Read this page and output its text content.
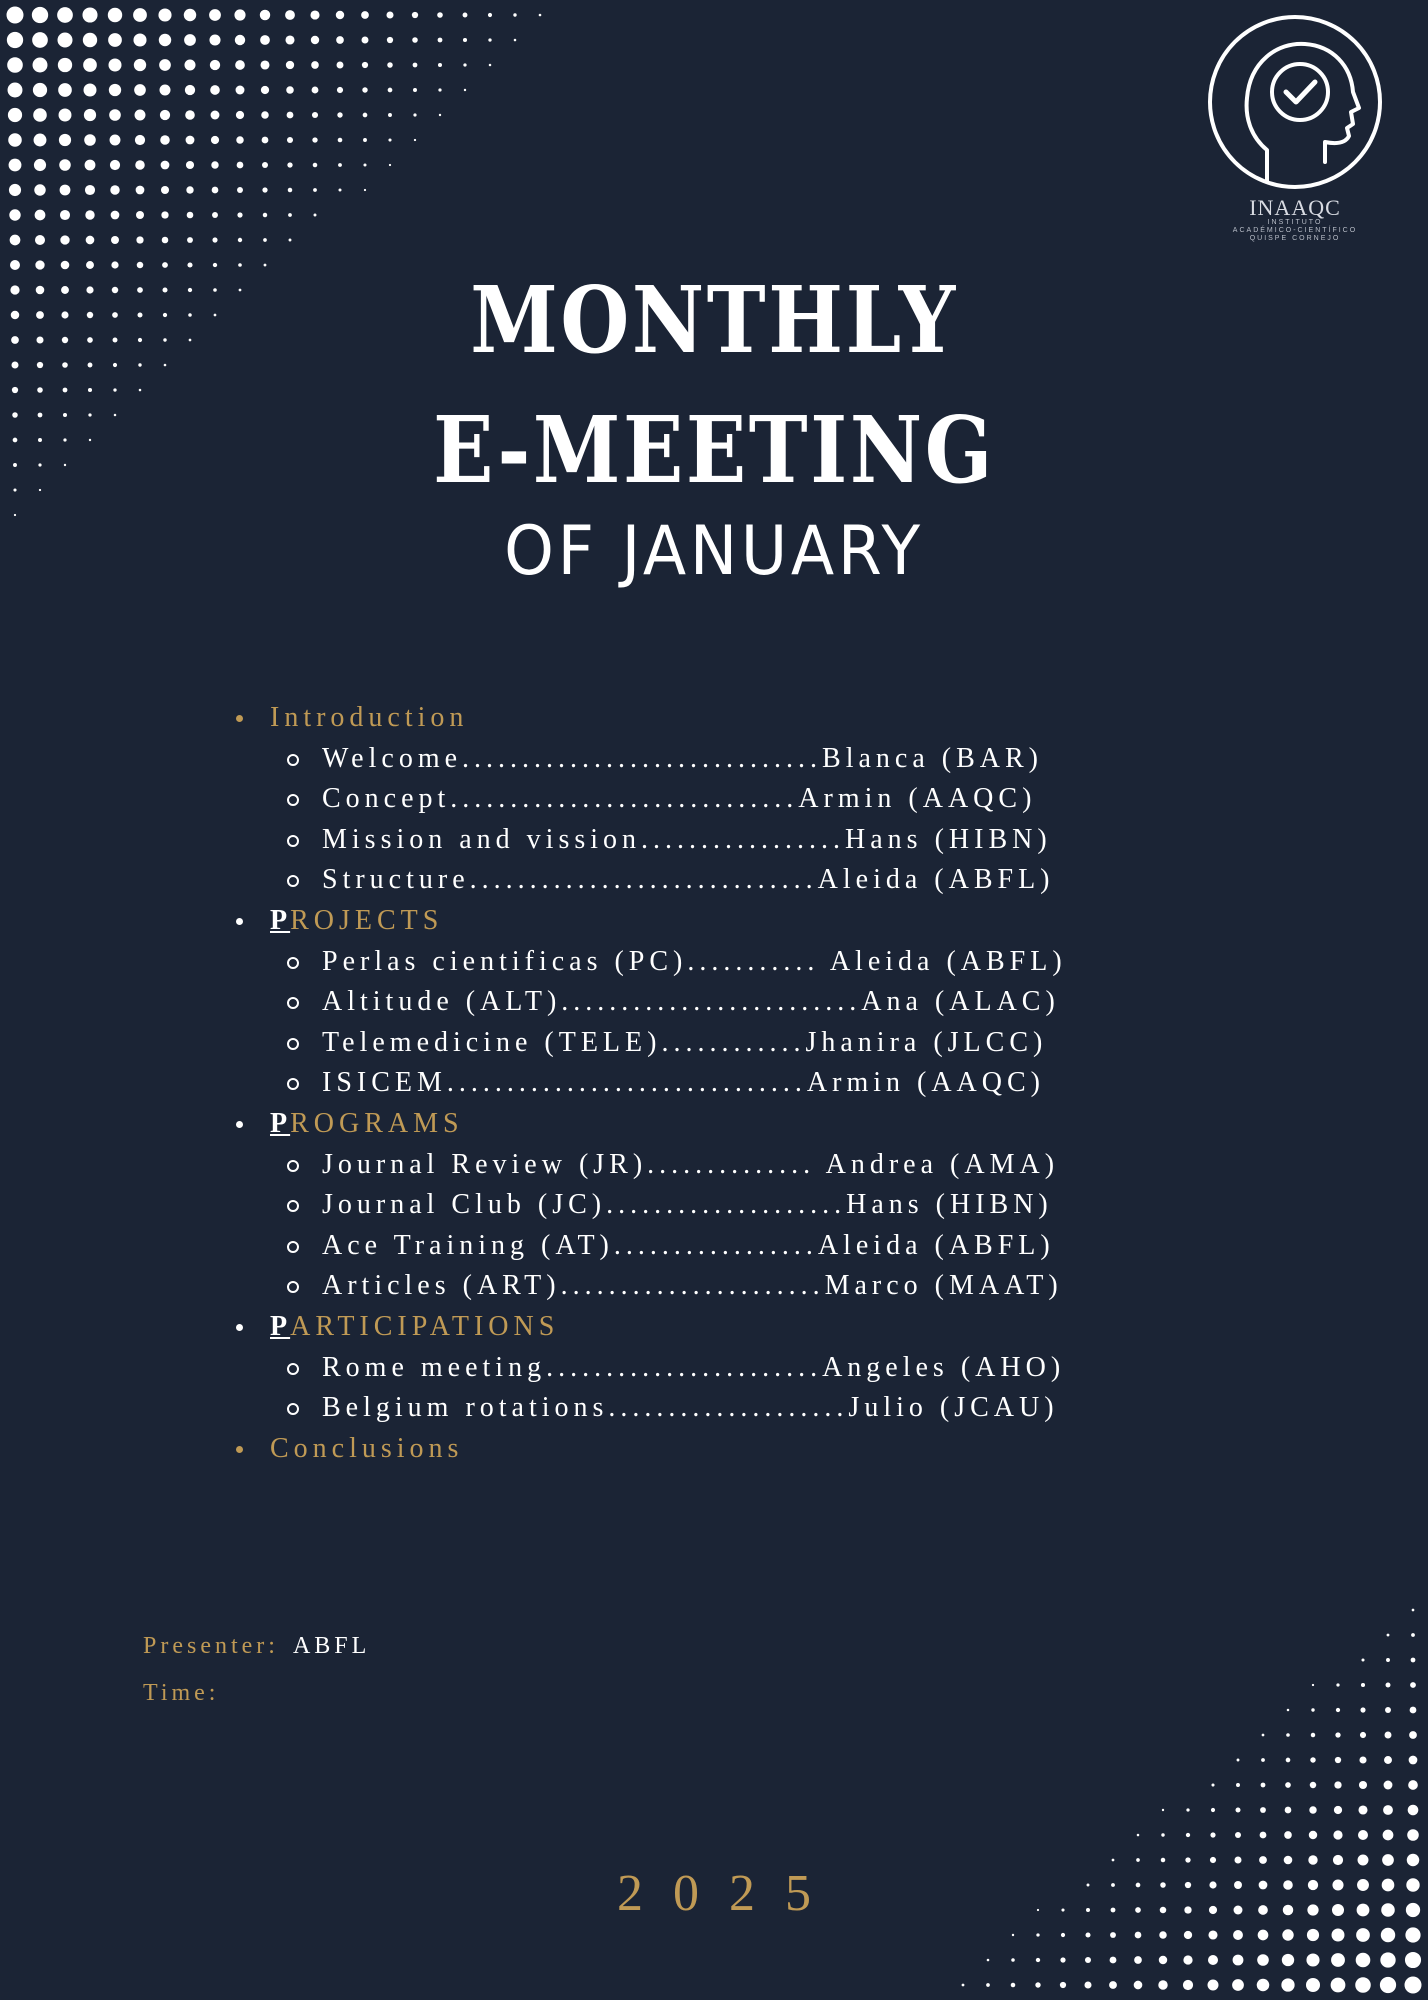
INAAQC
INSTITUTO
ACADÉMICO-CIENTÍFICO
QUISPE CORNEJO
MONTHLY
E-MEETING
OF JANUARY
Introduction
Welcome..............................Blanca (BAR)
Concept.............................Armin (AAQC)
Mission and vission.................Hans (HIBN)
Structure.............................Aleida (ABFL)
PROJECTS
Perlas cientificas (PC)........... Aleida (ABFL)
Altitude (ALT).........................Ana (ALAC)
Telemedicine (TELE)............Jhanira (JLCC)
ISICEM..............................Armin (AAQC)
PROGRAMS
Journal Review (JR).............. Andrea (AMA)
Journal Club (JC)....................Hans (HIBN)
Ace Training (AT).................Aleida (ABFL)
Articles (ART)......................Marco (MAAT)
PARTICIPATIONS
Rome meeting.......................Angeles (AHO)
Belgium rotations....................Julio (JCAU)
Conclusions
Presenter: ABFL
Time:
2025
